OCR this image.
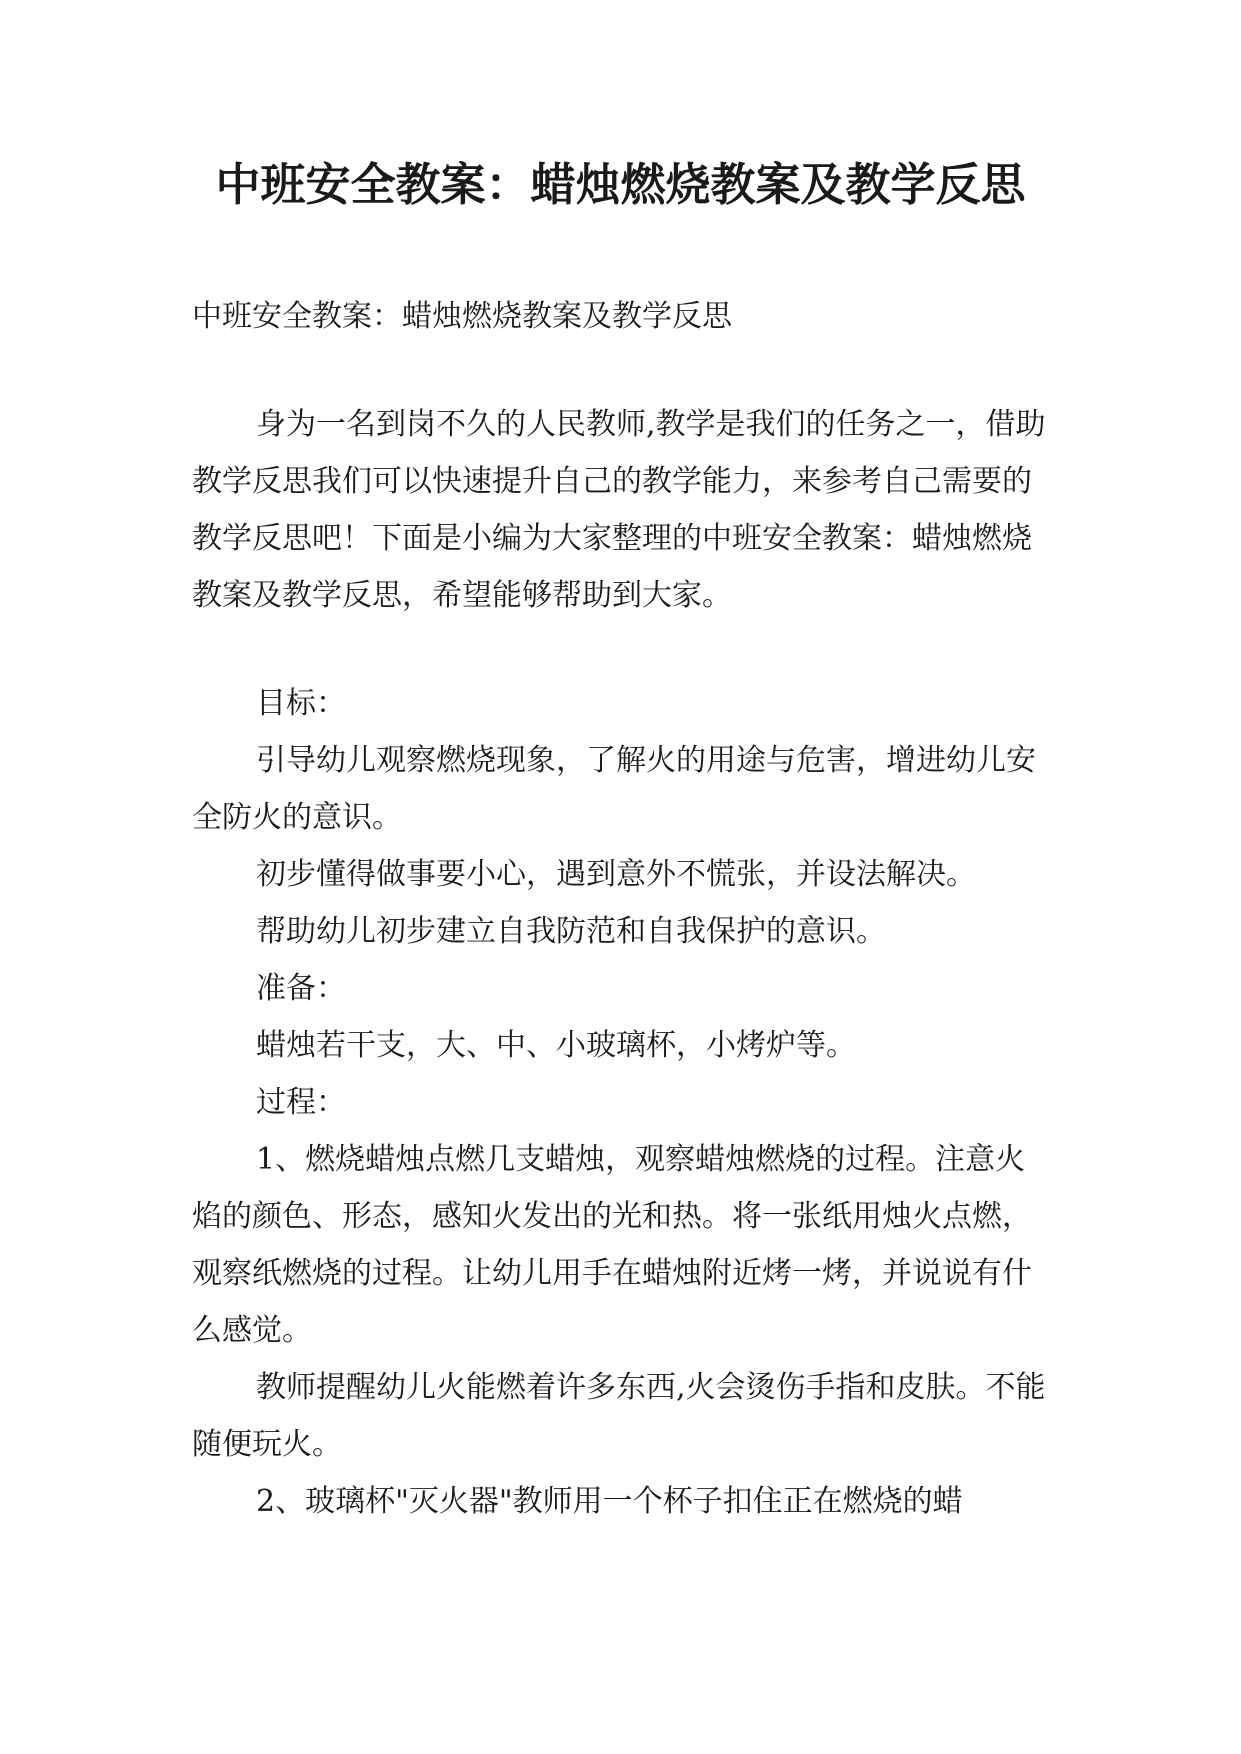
中班安全教案：蜡烛燃烧教案及教学反思

中班安全教案：蜡烛燃烧教案及教学反思

身为一名到岗不久的人民教师,教学是我们的任务之一，借助教学反思我们可以快速提升自己的教学能力，来参考自己需要的教学反思吧！下面是小编为大家整理的中班安全教案：蜡烛燃烧教案及教学反思，希望能够帮助到大家。

目标：

引导幼儿观察燃烧现象，了解火的用途与危害，增进幼儿安全防火的意识。

初步懂得做事要小心，遇到意外不慌张，并设法解决。

帮助幼儿初步建立自我防范和自我保护的意识。

准备：

蜡烛若干支，大、中、小玻璃杯，小烤炉等。

过程：

1、燃烧蜡烛点燃几支蜡烛，观察蜡烛燃烧的过程。注意火焰的颜色、形态，感知火发出的光和热。将一张纸用烛火点燃，观察纸燃烧的过程。让幼儿用手在蜡烛附近烤一烤，并说说有什么感觉。

教师提醒幼儿火能燃着许多东西,火会烫伤手指和皮肤。不能随便玩火。

2、玻璃杯"灭火器"教师用一个杯子扣住正在燃烧的蜡
